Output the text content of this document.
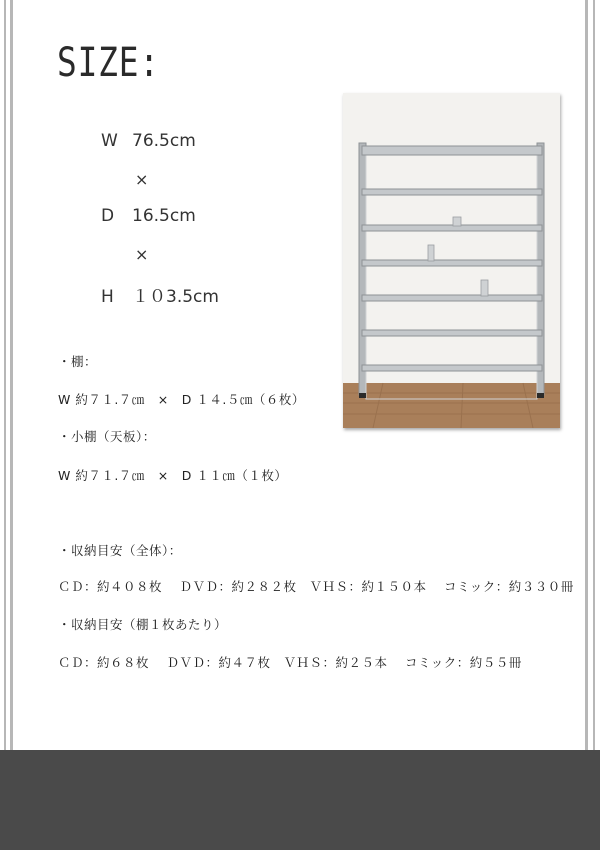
SIZE:
W 76.5cm
×
D 16.5cm
×
H １０3.5cm
・棚：
W 約７１.７㎝　×　D １４.５㎝（６枚）
・小棚（天板）：
W 約７１.７㎝　×　D １１㎝（１枚）
・収納目安（全体）：
ＣＤ：約４０８枚　 ＤＶＤ：約２８２枚　ＶＨＳ：約１５０本　 コミック：約３３０冊
・収納目安（棚１枚あたり）
ＣＤ：約６８枚　 ＤＶＤ：約４７枚　ＶＨＳ：約２５本　 コミック：約５５冊
